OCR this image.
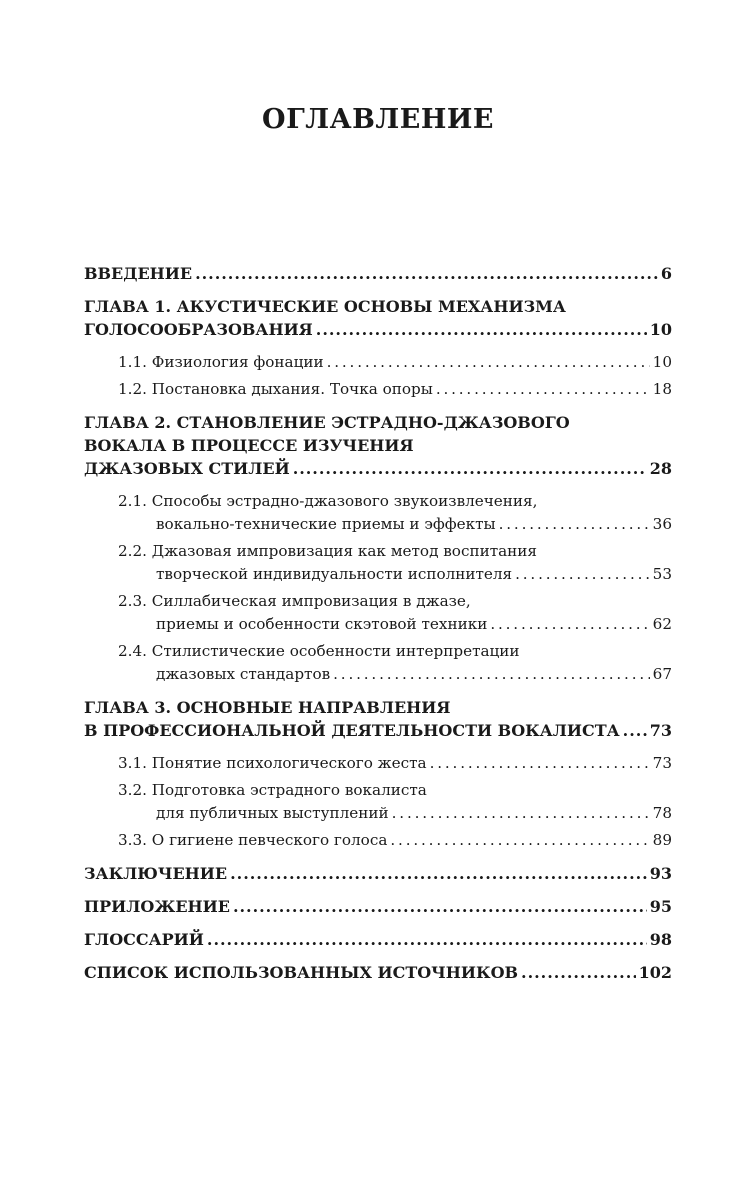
ОГЛАВЛЕНИЕ
ВВЕДЕНИЕ . . .	6
ГЛАВА 1. АКУСТИЧЕСКИЕ ОСНОВЫ МЕХАНИЗМА
ГОЛОСООБРАЗОВАНИЯ . . .	10
1.1. Физиология фонации . . .	10
1.2. Постановка дыхания. Точка опоры . . .	18
ГЛАВА 2. СТАНОВЛЕНИЕ ЭСТРАДНО-ДЖАЗОВОГО
ВОКАЛА В ПРОЦЕССЕ ИЗУЧЕНИЯ
ДЖАЗОВЫХ СТИЛЕЙ . . .	28
2.1. Способы эстрадно-джазового звукоизвлечения,
вокально-технические приемы и эффекты . . .	36
2.2. Джазовая импровизация как метод воспитания
творческой индивидуальности исполнителя . . .	53
2.3. Силлабическая импровизация в джазе,
приемы и особенности скэтовой техники . . .	62
2.4. Стилистические особенности интерпретации
джазовых стандартов . . .	67
ГЛАВА 3. ОСНОВНЫЕ НАПРАВЛЕНИЯ
В ПРОФЕССИОНАЛЬНОЙ ДЕЯТЕЛЬНОСТИ ВОКАЛИСТА . . . 73
3.1. Понятие психологического жеста . . .	73
3.2. Подготовка эстрадного вокалиста
для публичных выступлений . . .	78
3.3. О гигиене певческого голоса . . .	89
ЗАКЛЮЧЕНИЕ . . .	93
ПРИЛОЖЕНИЕ . . .	95
ГЛОССАРИЙ . . .	98
СПИСОК ИСПОЛЬЗОВАННЫХ ИСТОЧНИКОВ . . .	102
